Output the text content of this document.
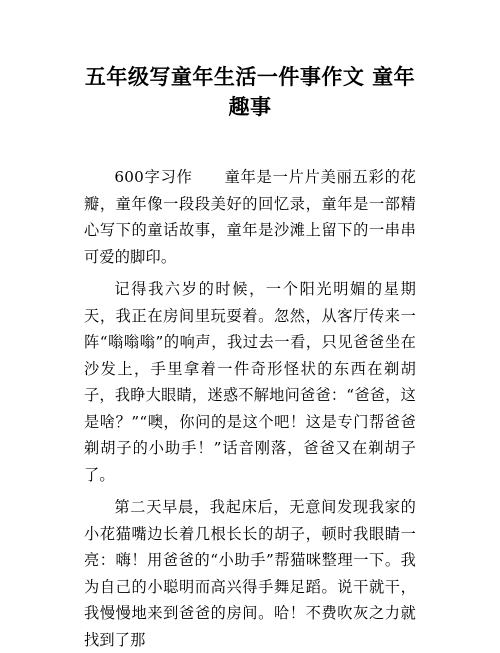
五年级写童年生活一件事作文 童年趣事

600字习作　　童年是一片片美丽五彩的花瓣，童年像一段段美好的回忆录，童年是一部精心写下的童话故事，童年是沙滩上留下的一串串可爱的脚印。

记得我六岁的时候，一个阳光明媚的星期天，我正在房间里玩耍着。忽然，从客厅传来一阵“嗡嗡嗡”的响声，我过去一看，只见爸爸坐在沙发上，手里拿着一件奇形怪状的东西在剃胡子，我睁大眼睛，迷惑不解地问爸爸：“爸爸，这是啥？”“噢，你问的是这个吧！这是专门帮爸爸剃胡子的小助手！”话音刚落，爸爸又在剃胡子了。

第二天早晨，我起床后，无意间发现我家的小花猫嘴边长着几根长长的胡子，顿时我眼睛一亮：嗨！用爸爸的“小助手”帮猫咪整理一下。我为自己的小聪明而高兴得手舞足蹈。说干就干，我慢慢地来到爸爸的房间。哈！不费吹灰之力就找到了那
